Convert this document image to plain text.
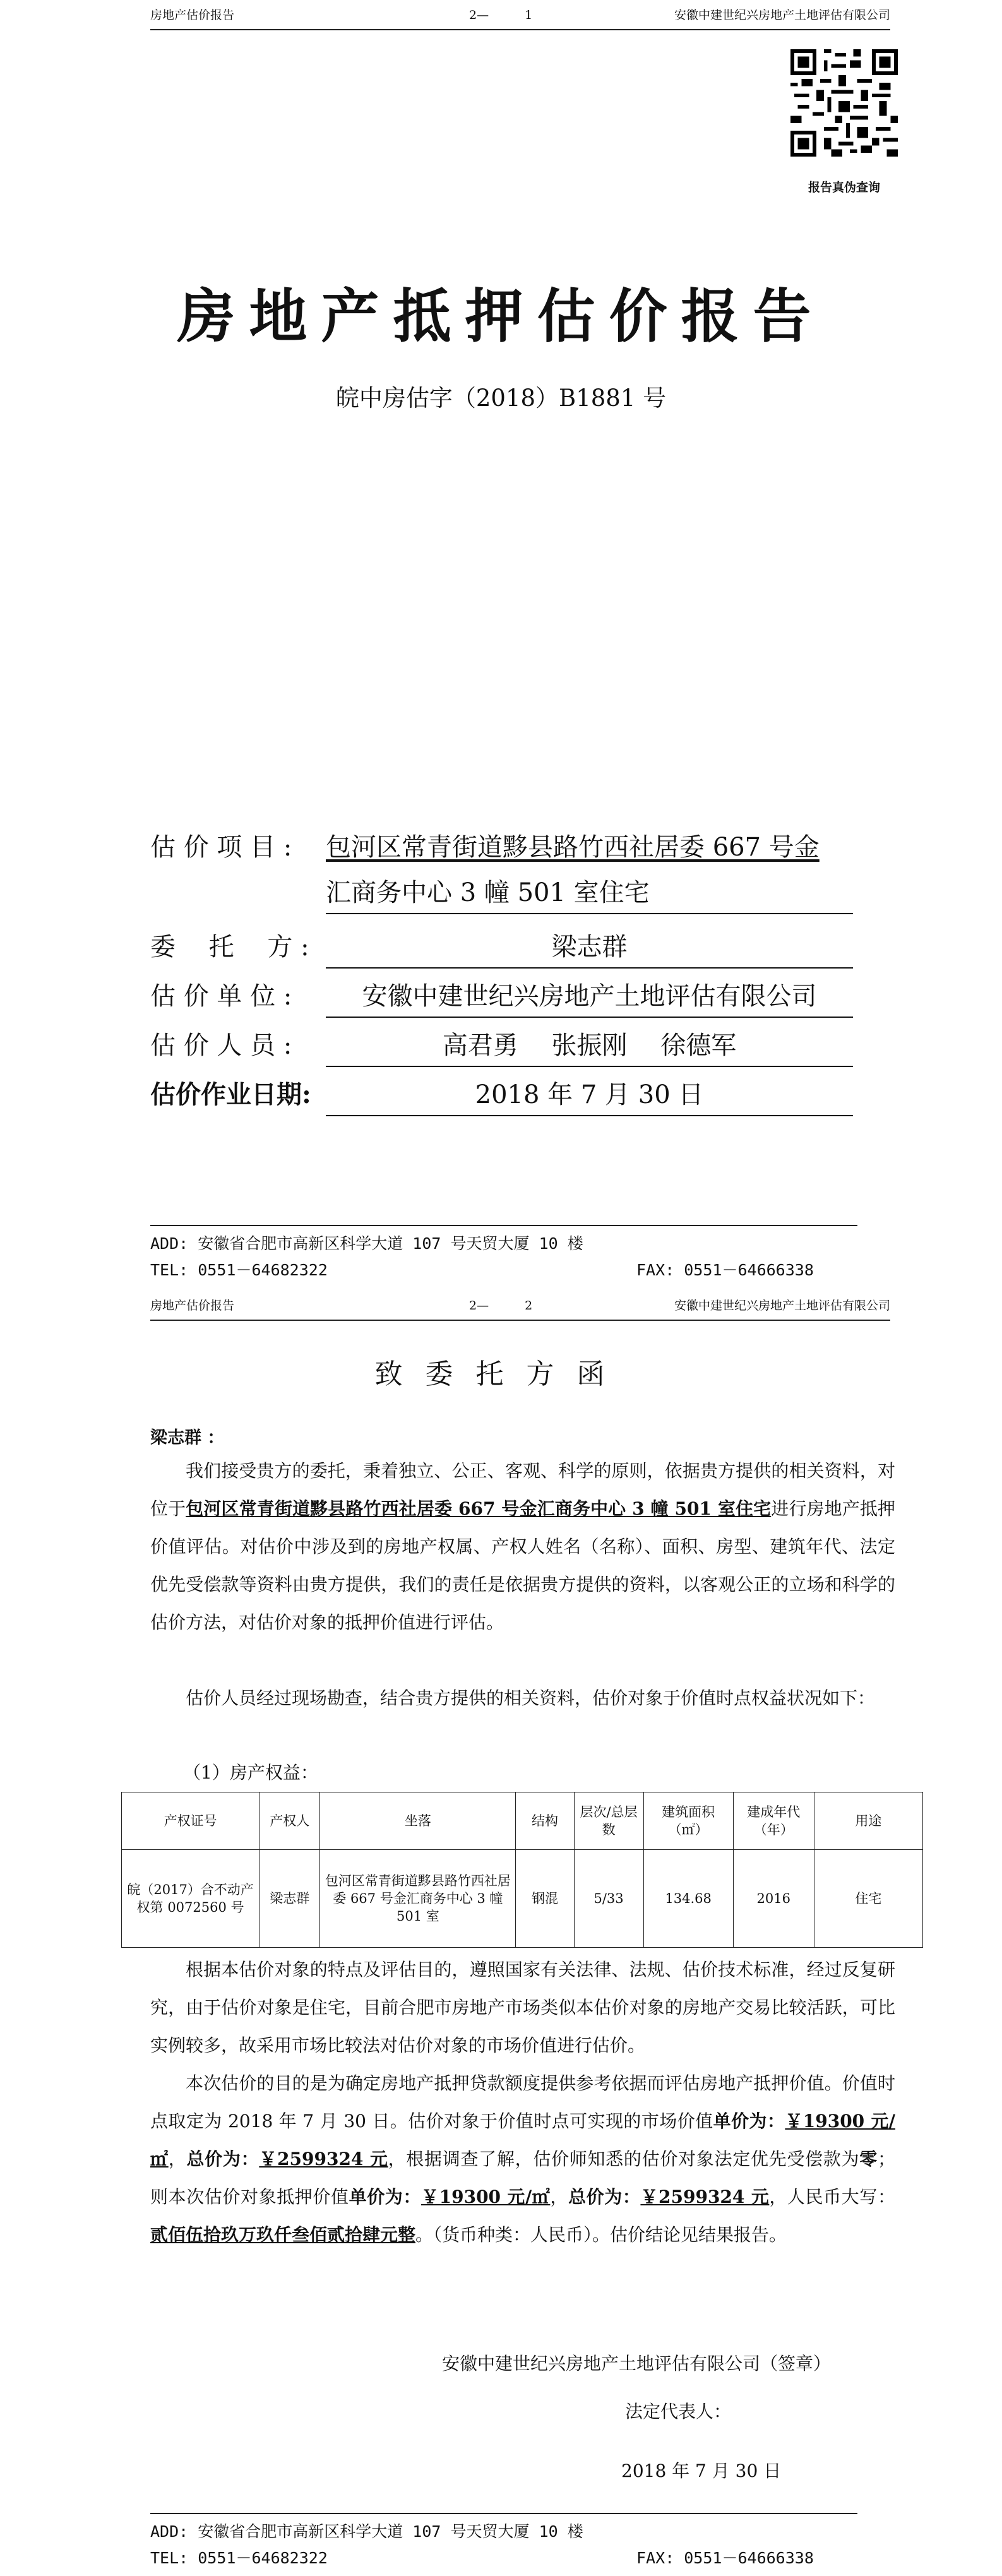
房地产估价报告	2—　　　1	安徽中建世纪兴房地产土地评估有限公司
报告真伪查询
房地产抵押估价报告
皖中房估字（2018）B1881 号
估 价 项 目 : 包河区常青街道黟县路竹西社居委 667 号金
汇商务中心 3 幢 501 室住宅
委　 托　 方 :	梁志群
估 价 单 位 :	安徽中建世纪兴房地产土地评估有限公司
估 价 人 员 :	高君勇　 张振刚　 徐德军
估价作业日期:	2018 年 7 月 30 日
ADD: 安徽省合肥市高新区科学大道 107 号天贸大厦 10 楼
TEL: 0551－64682322	FAX: 0551－64666338
房地产估价报告	2—　　　2	安徽中建世纪兴房地产土地评估有限公司
致委托方函
梁志群 ：
我们接受贵方的委托，秉着独立、公正、客观、科学的原则，依据贵方提供的相关资料，对位于包河区常青街道黟县路竹西社居委 667 号金汇商务中心 3 幢 501 室住宅进行房地产抵押价值评估。对估价中涉及到的房地产权属、产权人姓名（名称）、面积、房型、建筑年代、法定优先受偿款等资料由贵方提供，我们的责任是依据贵方提供的资料，以客观公正的立场和科学的估价方法，对估价对象的抵押价值进行评估。
估价人员经过现场勘查，结合贵方提供的相关资料，估价对象于价值时点权益状况如下：
（1）房产权益：
产权证号	产权人	坐落	结构	层次/总层数	建筑面积（㎡）	建成年代（年）	用途
皖（2017）合不动产权第 0072560 号	梁志群	包河区常青街道黟县路竹西社居委 667 号金汇商务中心 3 幢 501 室	钢混	5/33	134.68	2016	住宅
根据本估价对象的特点及评估目的，遵照国家有关法律、法规、估价技术标准，经过反复研究，由于估价对象是住宅，目前合肥市房地产市场类似本估价对象的房地产交易比较活跃，可比实例较多，故采用市场比较法对估价对象的市场价值进行估价。
本次估价的目的是为确定房地产抵押贷款额度提供参考依据而评估房地产抵押价值。价值时点取定为 2018 年 7 月 30 日。估价对象于价值时点可实现的市场价值单价为：￥19300 元/㎡，总价为：￥2599324 元，根据调查了解，估价师知悉的估价对象法定优先受偿款为零；则本次估价对象抵押价值单价为：￥19300 元/㎡，总价为：￥2599324 元，人民币大写：贰佰伍拾玖万玖仟叁佰贰拾肆元整。（货币种类：人民币）。估价结论见结果报告。
安徽中建世纪兴房地产土地评估有限公司（签章）
法定代表人：
2018 年 7 月 30 日
ADD: 安徽省合肥市高新区科学大道 107 号天贸大厦 10 楼
TEL: 0551－64682322	FAX: 0551－64666338
